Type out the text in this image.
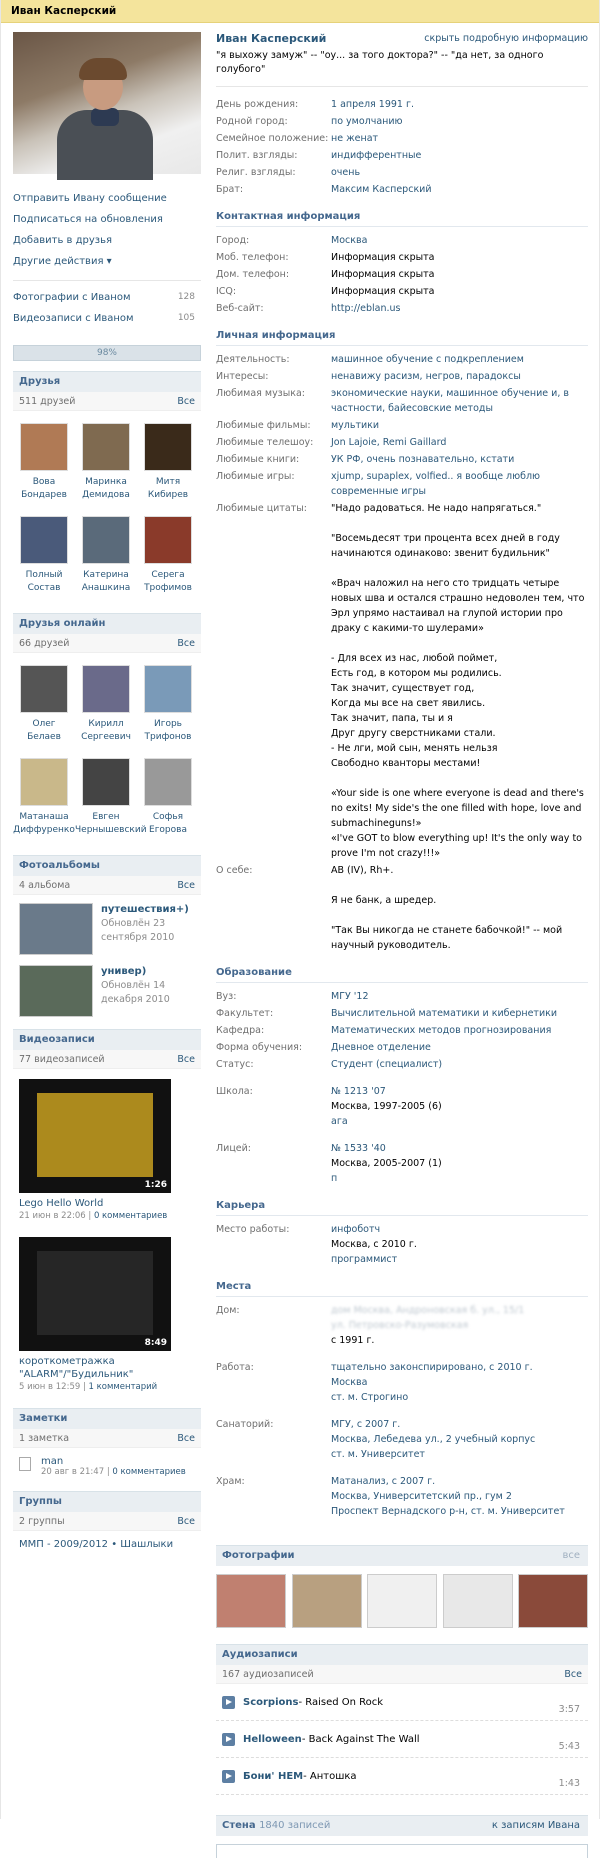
Иван Касперский
Отправить Ивану сообщение
Подписаться на обновления
Добавить в друзья
Другие действия ▾
Фотографии с Иваном	128
Видеозаписи с Иваном	105
98%
Друзья
511 друзей	Все
Вова
Бондарев
Маринка
Демидова
Митя
Кибирев
Полный
Состав
Катерина
Анашкина
Серега
Трофимов
Друзья онлайн
66 друзей	Все
Олег
Белаев
Кирилл
Сергеевич
Игорь
Трифонов
Матанаша
Диффуренко
Евген
Чернышевский
Софья
Егорова
Фотоальбомы
4 альбома	Все
путешествия+)
Обновлён 23 сентября 2010
универ)
Обновлён 14 декабря 2010
Видеозаписи
77 видеозаписей	Все
1:26
Lego Hello World
21 июн в 22:06 | 0 комментариев
8:49
короткометражка "ALARM"/"Будильник"
5 июн в 12:59 | 1 комментарий
Заметки
1 заметка	Все
man
20 авг в 21:47 | 0 комментариев
Группы
2 группы	Все
ММП - 2009/2012 • Шашлыки
Иван Касперский	скрыть подробную информацию
"я выхожу замуж" -- "оу... за того доктора?" -- "да нет, за одного голубого"
День рождения:	1 апреля 1991 г.
Родной город:	по умолчанию
Семейное положение: не женат
Полит. взгляды:	индифферентные
Религ. взгляды:	очень
Брат:	Максим Касперский
Контактная информация
Город:	Москва
Моб. телефон:	Информация скрыта
Дом. телефон:	Информация скрыта
ICQ:	Информация скрыта
Веб-сайт:	http://eblan.us
Личная информация
Деятельность:	машинное обучение с подкреплением
Интересы:	ненавижу расизм, негров, парадоксы
Любимая музыка:	экономические науки, машинное обучение и, в частности, байесовские методы
Любимые фильмы:	мультики
Любимые телешоу:	Jon Lajoie, Remi Gaillard
Любимые книги:	УК РФ, очень познавательно, кстати
Любимые игры:	xjump, supaplex, volfied.. я вообще люблю современные игры
Любимые цитаты:	"Надо радоваться. Не надо напрягаться."

"Восемьдесят три процента всех дней в году начинаются одинаково: звенит будильник"

«Врач наложил на него сто тридцать четыре новых шва и остался страшно недоволен тем, что Эрл упрямо настаивал на глупой истории про драку с какими-то шулерами»

- Для всех из нас, любой поймет,
Есть год, в котором мы родились.
Так значит, существует год,
Когда мы все на свет явились.
Так значит, папа, ты и я
Друг другу сверстниками стали.
- Не лги, мой сын, менять нельзя
Свободно кванторы местами!

«Your side is one where everyone is dead and there's no exits! My side's the one filled with hope, love and submachineguns!»
«I've GOT to blow everything up! It's the only way to prove I'm not crazy!!!»
О себе:	AB (IV), Rh+.

Я не банк, а шредер.

"Так Вы никогда не станете бабочкой!" -- мой научный руководитель.
Образование
Вуз:	МГУ '12
Факультет:	Вычислительной математики и кибернетики
Кафедра:	Математических методов прогнозирования
Форма обучения:	Дневное отделение
Статус:	Студент (специалист)
Школа:	№ 1213 '07
Москва, 1997-2005 (6)
ага
Лицей:	№ 1533 '40
Москва, 2005-2007 (1)
п
Карьера
Место работы:	инфоботч
Москва, с 2010 г.
программист
Места
Дом:	дом Москва, Андроновская б. ул., 15/1
ул. Петровско-Разумовская
с 1991 г.
Работа:	тщательно законспирировано, с 2010 г.
Москва
ст. м. Строгино
Санаторий:	МГУ, с 2007 г.
Москва, Лебедева ул., 2 учебный корпус
ст. м. Университет
Храм:	Матанализ, с 2007 г.
Москва, Университетский пр., гум 2
Проспект Вернадского р-н, ст. м. Университет
Фотографии	все
Аудиозаписи
167 аудиозаписей	Все
Scorpions - Raised On Rock
3:57
Helloween - Back Against The Wall
5:43
Бони' НЕМ - Антошка
1:43
Стена 1840 записей	к записям Ивана
